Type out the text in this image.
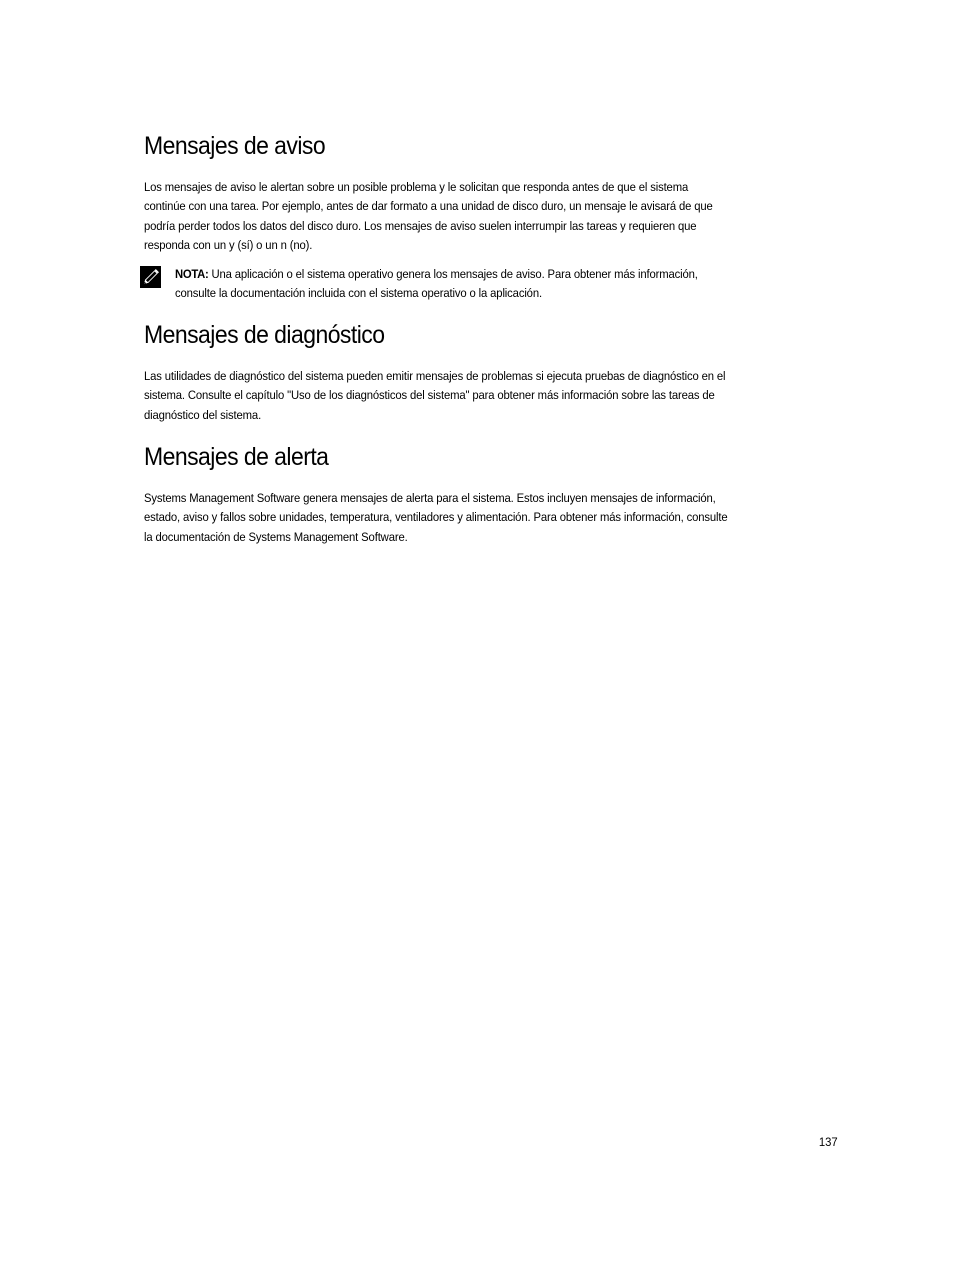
Mensajes de aviso

Los mensajes de aviso le alertan sobre un posible problema y le solicitan que responda antes de que el sistema
continúe con una tarea. Por ejemplo, antes de dar formato a una unidad de disco duro, un mensaje le avisará de que
podría perder todos los datos del disco duro. Los mensajes de aviso suelen interrumpir las tareas y requieren que
responda con un y (sí) o un n (no).

NOTA: Una aplicación o el sistema operativo genera los mensajes de aviso. Para obtener más información,
consulte la documentación incluida con el sistema operativo o la aplicación.

Mensajes de diagnóstico

Las utilidades de diagnóstico del sistema pueden emitir mensajes de problemas si ejecuta pruebas de diagnóstico en el
sistema. Consulte el capítulo "Uso de los diagnósticos del sistema" para obtener más información sobre las tareas de
diagnóstico del sistema.

Mensajes de alerta

Systems Management Software genera mensajes de alerta para el sistema. Estos incluyen mensajes de información,
estado, aviso y fallos sobre unidades, temperatura, ventiladores y alimentación. Para obtener más información, consulte
la documentación de Systems Management Software.

137
